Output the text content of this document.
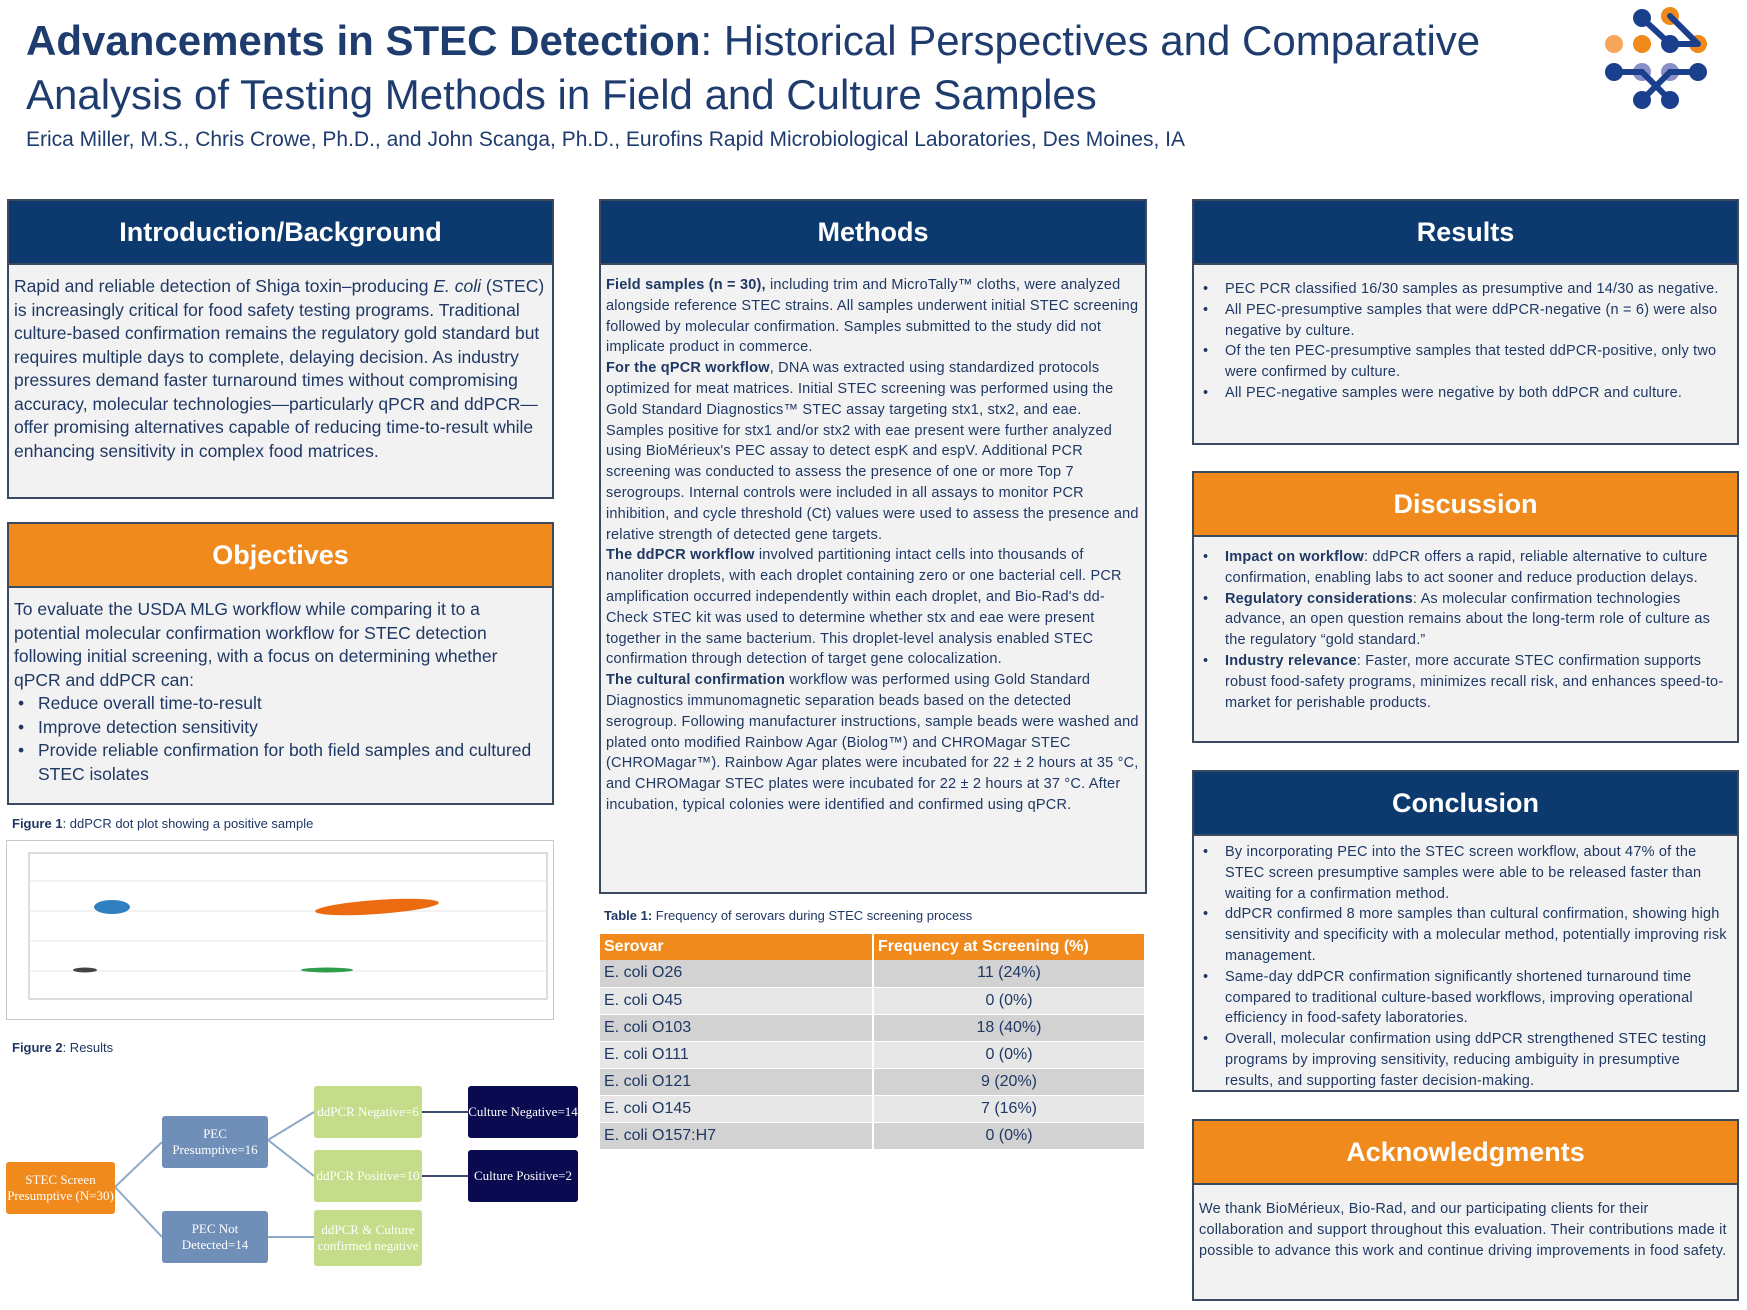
Advancements in STEC Detection: Historical Perspectives and Comparative Analysis of Testing Methods in Field and Culture Samples
Erica Miller, M.S., Chris Crowe, Ph.D., and John Scanga, Ph.D., Eurofins Rapid Microbiological Laboratories, Des Moines, IA
Introduction/Background
Rapid and reliable detection of Shiga toxin–producing E. coli (STEC) is increasingly critical for food safety testing programs. Traditional culture-based confirmation remains the regulatory gold standard but requires multiple days to complete, delaying decision. As industry pressures demand faster turnaround times without compromising accuracy, molecular technologies—particularly qPCR and ddPCR—offer promising alternatives capable of reducing time-to-result while enhancing sensitivity in complex food matrices.
Objectives
To evaluate the USDA MLG workflow while comparing it to a potential molecular confirmation workflow for STEC detection following initial screening, with a focus on determining whether qPCR and ddPCR can:
• Reduce overall time-to-result
• Improve detection sensitivity
• Provide reliable confirmation for both field samples and cultured STEC isolates
Figure 1: ddPCR dot plot showing a positive sample
Figure 2: Results
STEC Screen Presumptive (N=30)
PEC Presumptive=16
PEC Not Detected=14
ddPCR Negative=6
ddPCR Positive=10
ddPCR & Culture confirmed negative
Culture Negative=14
Culture Positive=2
Methods

Field samples (n = 30), including trim and MicroTally™ cloths, were analyzed alongside reference STEC strains. All samples underwent initial STEC screening followed by molecular confirmation. Samples submitted to the study did not implicate product in commerce.

For the qPCR workflow, DNA was extracted using standardized protocols optimized for meat matrices. Initial STEC screening was performed using the Gold Standard Diagnostics™ STEC assay targeting stx1, stx2, and eae. Samples positive for stx1 and/or stx2 with eae present were further analyzed using BioMérieux's PEC assay to detect espK and espV. Additional PCR screening was conducted to assess the presence of one or more Top 7 serogroups. Internal controls were included in all assays to monitor PCR inhibition, and cycle threshold (Ct) values were used to assess the presence and relative strength of detected gene targets.

The ddPCR workflow involved partitioning intact cells into thousands of nanoliter droplets, with each droplet containing zero or one bacterial cell. PCR amplification occurred independently within each droplet, and Bio-Rad's dd-Check STEC kit was used to determine whether stx and eae were present together in the same bacterium. This droplet-level analysis enabled STEC confirmation through detection of target gene colocalization.

The cultural confirmation workflow was performed using Gold Standard Diagnostics immunomagnetic separation beads based on the detected serogroup. Following manufacturer instructions, sample beads were washed and plated onto modified Rainbow Agar (Biolog™) and CHROMagar STEC (CHROMagar™). Rainbow Agar plates were incubated for 22 ± 2 hours at 35 °C, and CHROMagar STEC plates were incubated for 22 ± 2 hours at 37 °C. After incubation, typical colonies were identified and confirmed using qPCR.

Table 1: Frequency of serovars during STEC screening process
Serovar	Frequency at Screening (%)
E. coli O26	11 (24%)
E. coli O45	0 (0%)
E. coli O103	18 (40%)
E. coli O111	0 (0%)
E. coli O121	9 (20%)
E. coli O145	7 (16%)
E. coli O157:H7	0 (0%)
Results
• PEC PCR classified 16/30 samples as presumptive and 14/30 as negative.
• All PEC-presumptive samples that were ddPCR-negative (n = 6) were also negative by culture.
• Of the ten PEC-presumptive samples that tested ddPCR-positive, only two were confirmed by culture.
• All PEC-negative samples were negative by both ddPCR and culture.
Discussion
• Impact on workflow: ddPCR offers a rapid, reliable alternative to culture confirmation, enabling labs to act sooner and reduce production delays.
• Regulatory considerations: As molecular confirmation technologies advance, an open question remains about the long-term role of culture as the regulatory “gold standard.”
• Industry relevance: Faster, more accurate STEC confirmation supports robust food-safety programs, minimizes recall risk, and enhances speed-to-market for perishable products.
Conclusion
• By incorporating PEC into the STEC screen workflow, about 47% of the STEC screen presumptive samples were able to be released faster than waiting for a confirmation method.
• ddPCR confirmed 8 more samples than cultural confirmation, showing high sensitivity and specificity with a molecular method, potentially improving risk management.
• Same-day ddPCR confirmation significantly shortened turnaround time compared to traditional culture-based workflows, improving operational efficiency in food-safety laboratories.
• Overall, molecular confirmation using ddPCR strengthened STEC testing programs by improving sensitivity, reducing ambiguity in presumptive results, and supporting faster decision-making.
Acknowledgments
We thank BioMérieux, Bio-Rad, and our participating clients for their collaboration and support throughout this evaluation. Their contributions made it possible to advance this work and continue driving improvements in food safety.
